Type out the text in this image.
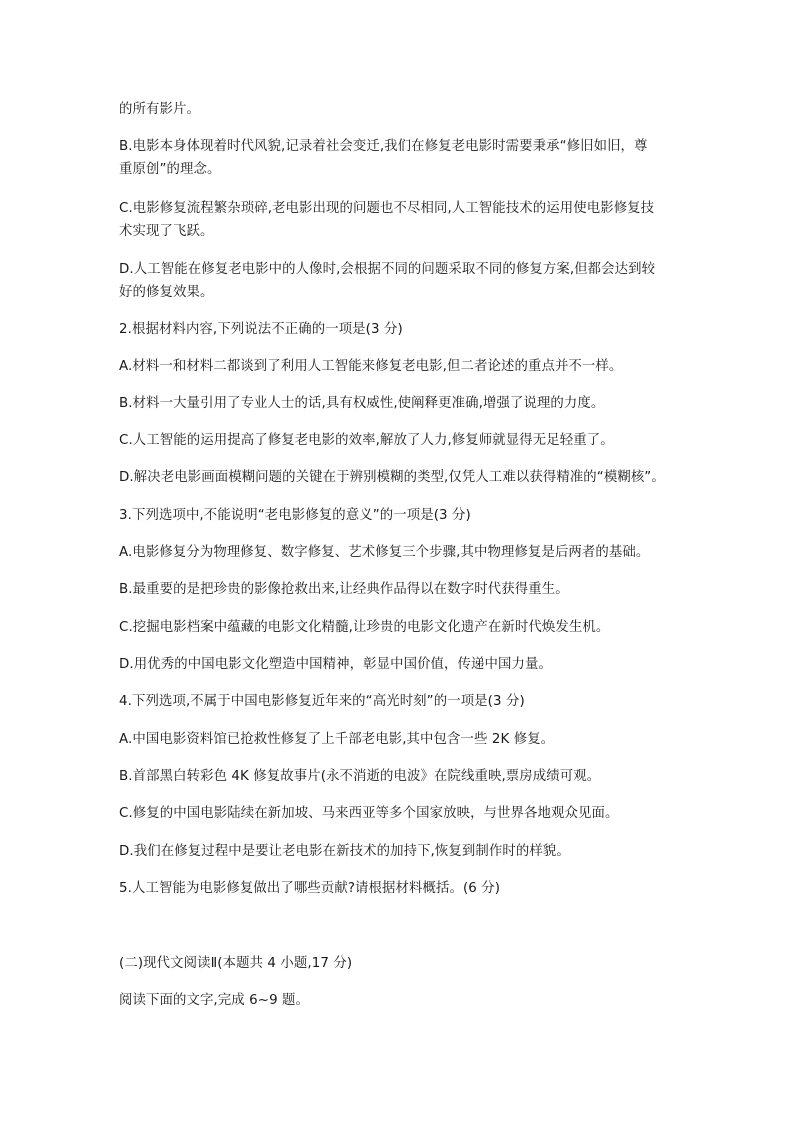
的所有影片。
B.电影本身体现着时代风貌,记录着社会变迁,我们在修复老电影时需要秉承“修旧如旧，尊
重原创”的理念。
C.电影修复流程繁杂琐碎,老电影出现的问题也不尽相同,人工智能技术的运用使电影修复技
术实现了飞跃。
D.人工智能在修复老电影中的人像时,会根据不同的问题采取不同的修复方案,但都会达到较
好的修复效果。
2.根据材料内容,下列说法不正确的一项是(3 分)
A.材料一和材料二都谈到了利用人工智能来修复老电影,但二者论述的重点并不一样。
B.材料一大量引用了专业人士的话,具有权威性,使阐释更准确,增强了说理的力度。
C.人工智能的运用提高了修复老电影的效率,解放了人力,修复师就显得无足轻重了。
D.解决老电影画面模糊问题的关键在于辨别模糊的类型,仅凭人工难以获得精准的“模糊核”。
3.下列选项中,不能说明“老电影修复的意义”的一项是(3 分)
A.电影修复分为物理修复、数字修复、艺术修复三个步骤,其中物理修复是后两者的基础。
B.最重要的是把珍贵的影像抢救出来,让经典作品得以在数字时代获得重生。
C.挖掘电影档案中蕴藏的电影文化精髓,让珍贵的电影文化遗产在新时代焕发生机。
D.用优秀的中国电影文化塑造中国精神，彰显中国价值，传递中国力量。
4.下列选项,不属于中国电影修复近年来的“高光时刻”的一项是(3 分)
A.中国电影资料馆已抢救性修复了上千部老电影,其中包含一些 2K 修复。
B.首部黑白转彩色 4K 修复故事片(永不消逝的电波》在院线重映,票房成绩可观。
C.修复的中国电影陆续在新加坡、马来西亚等多个国家放映，与世界各地观众见面。
D.我们在修复过程中是要让老电影在新技术的加持下,恢复到制作时的样貌。
5.人工智能为电影修复做出了哪些贡献?请根据材料概括。(6 分)
(二)现代文阅读Ⅱ(本题共 4 小题,17 分)
阅读下面的文字,完成 6~9 题。
